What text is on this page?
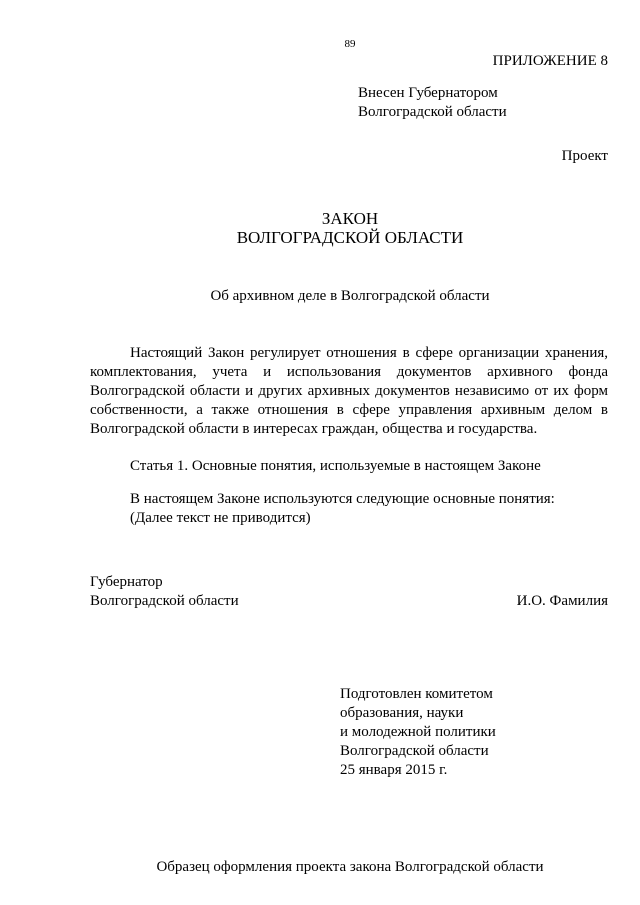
89
ПРИЛОЖЕНИЕ 8
Внесен Губернатором
Волгоградской области
Проект
ЗАКОН
ВОЛГОГРАДСКОЙ ОБЛАСТИ
Об архивном деле в Волгоградской области

Настоящий Закон регулирует отношения в сфере организации хранения, комплектования, учета и использования документов архивного фонда Волгоградской области и других архивных документов независимо от их форм собственности, а также отношения в сфере управления архивным делом в Волгоградской области в интересах граждан, общества и государства.

Статья 1. Основные понятия, используемые в настоящем Законе
В настоящем Законе используются следующие основные понятия:
(Далее текст не приводится)
Губернатор
Волгоградской области	И.О. Фамилия
Подготовлен комитетом
образования, науки
и молодежной политики
Волгоградской области
25 января 2015 г.
Образец оформления проекта закона Волгоградской области
